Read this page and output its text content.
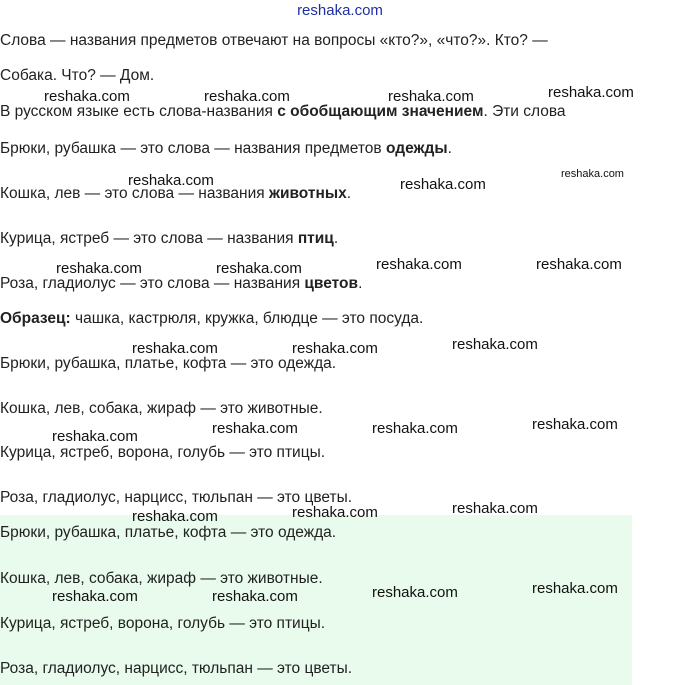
reshaka.com
Слова — названия предметов отвечают на вопросы «кто?», «что?». Кто? —
Собака. Что? — Дом.
В русском языке есть слова-названия с обобщающим значением. Эти слова
Брюки, рубашка — это слова — названия предметов одежды.
Кошка, лев — это слова — названия животных.
Курица, ястреб — это слова — названия птиц.
Роза, гладиолус — это слова — названия цветов.
Образец: чашка, кастрюля, кружка, блюдце — это посуда.
Брюки, рубашка, платье, кофта — это одежда.
Кошка, лев, собака, жираф — это животные.
Курица, ястреб, ворона, голубь — это птицы.
Роза, гладиолус, нарцисс, тюльпан — это цветы.
Брюки, рубашка, платье, кофта — это одежда.
Кошка, лев, собака, жираф — это животные.
Курица, ястреб, ворона, голубь — это птицы.
Роза, гладиолус, нарцисс, тюльпан — это цветы.
reshaka.com	reshaka.com	reshaka.com	reshaka.com
reshaka.com
reshaka.com	reshaka.com
reshaka.com	reshaka.com	reshaka.com	reshaka.com
reshaka.com	reshaka.com	reshaka.com
reshaka.com	reshaka.com	reshaka.com	reshaka.com
reshaka.com	reshaka.com	reshaka.com
reshaka.com	reshaka.com	reshaka.com	reshaka.com
